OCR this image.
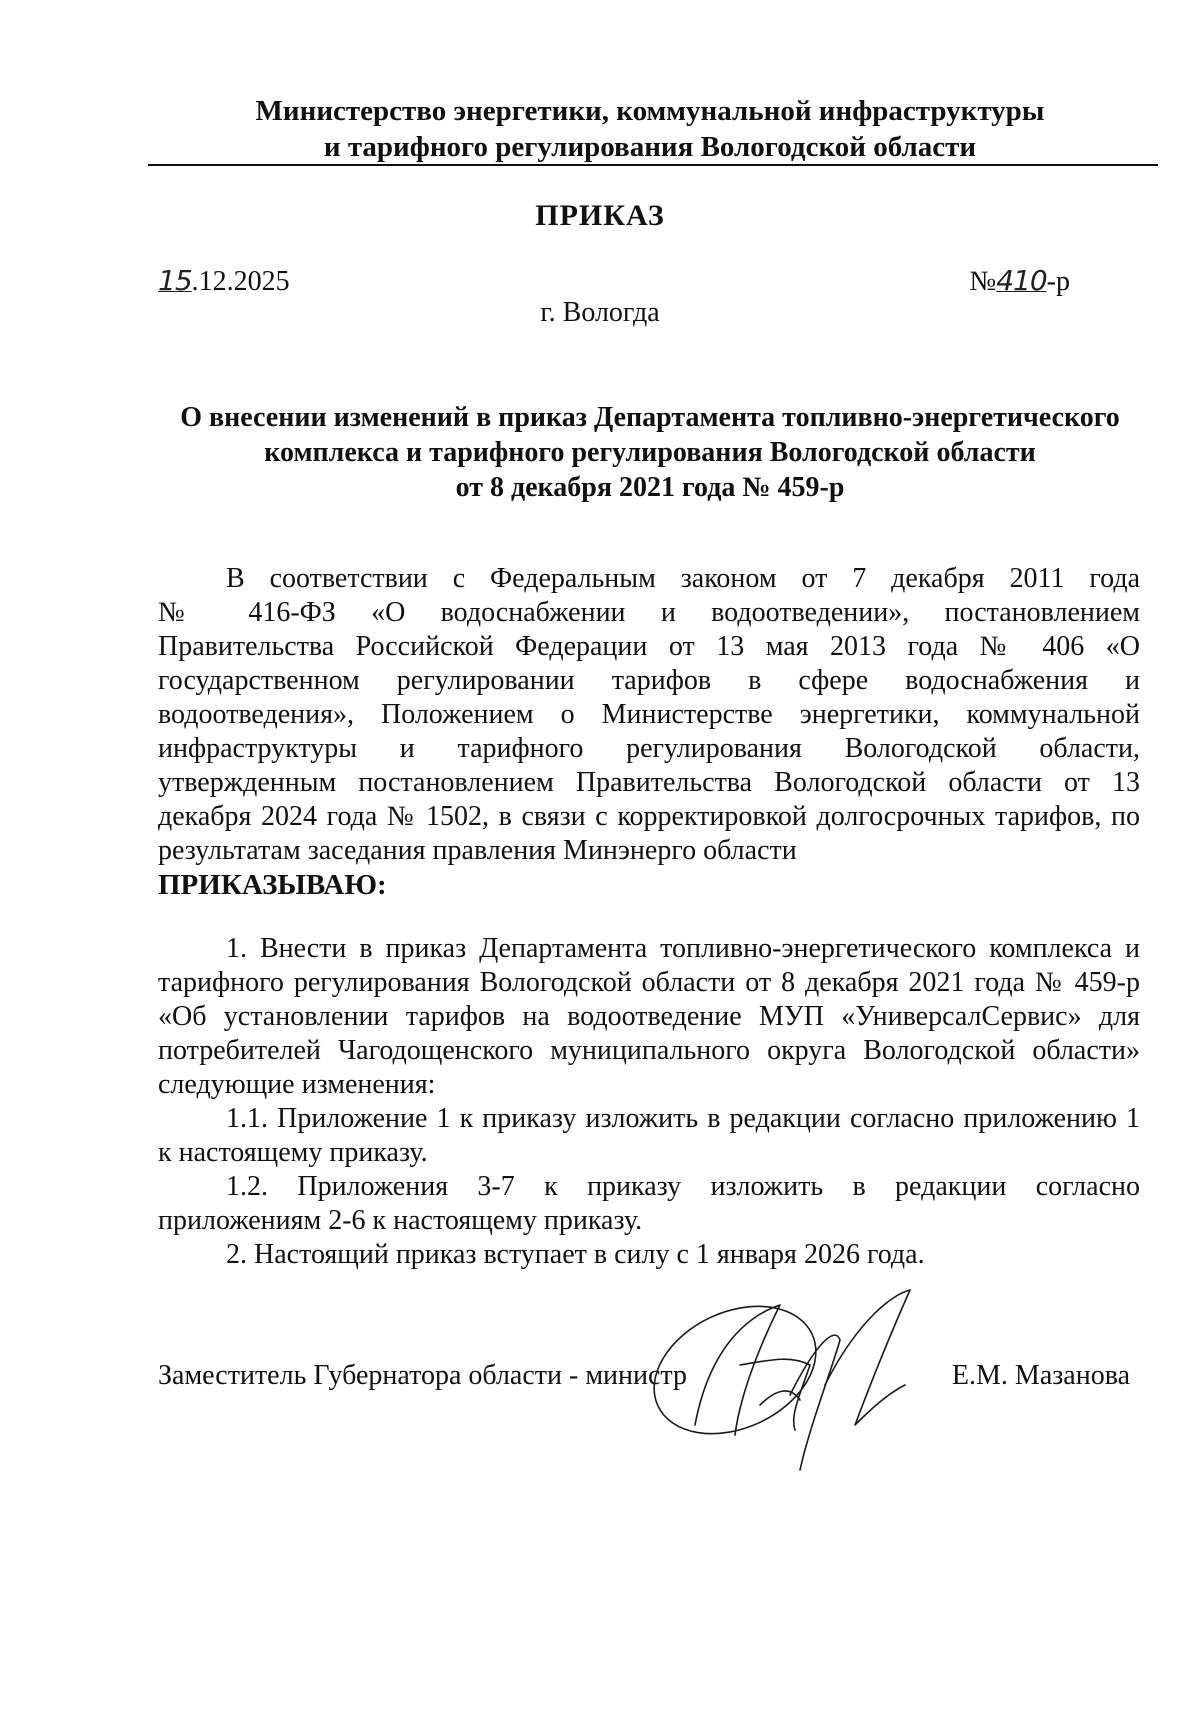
Министерство энергетики, коммунальной инфраструктуры
и тарифного регулирования Вологодской области
ПРИКАЗ
15.12.2025	№410-р
г. Вологда
О внесении изменений в приказ Департамента топливно-энергетического
комплекса и тарифного регулирования Вологодской области
от 8 декабря 2021 года № 459-р
В соответствии с Федеральным законом от 7 декабря 2011 года
№ 416-ФЗ «О водоснабжении и водоотведении», постановлением
Правительства Российской Федерации от 13 мая 2013 года № 406 «О
государственном регулировании тарифов в сфере водоснабжения и
водоотведения», Положением о Министерстве энергетики, коммунальной
инфраструктуры и тарифного регулирования Вологодской области,
утвержденным постановлением Правительства Вологодской области от 13
декабря 2024 года № 1502, в связи с корректировкой долгосрочных тарифов, по
результатам заседания правления Минэнерго области
ПРИКАЗЫВАЮ:
1. Внести в приказ Департамента топливно-энергетического комплекса и
тарифного регулирования Вологодской области от 8 декабря 2021 года № 459-р
«Об установлении тарифов на водоотведение МУП «УниверсалСервис» для
потребителей Чагодощенского муниципального округа Вологодской области»
следующие изменения:
1.1. Приложение 1 к приказу изложить в редакции согласно приложению 1
к настоящему приказу.
1.2. Приложения 3-7 к приказу изложить в редакции согласно
приложениям 2-6 к настоящему приказу.
2. Настоящий приказ вступает в силу с 1 января 2026 года.
Заместитель Губернатора области - министр	Е.М. Мазанова
